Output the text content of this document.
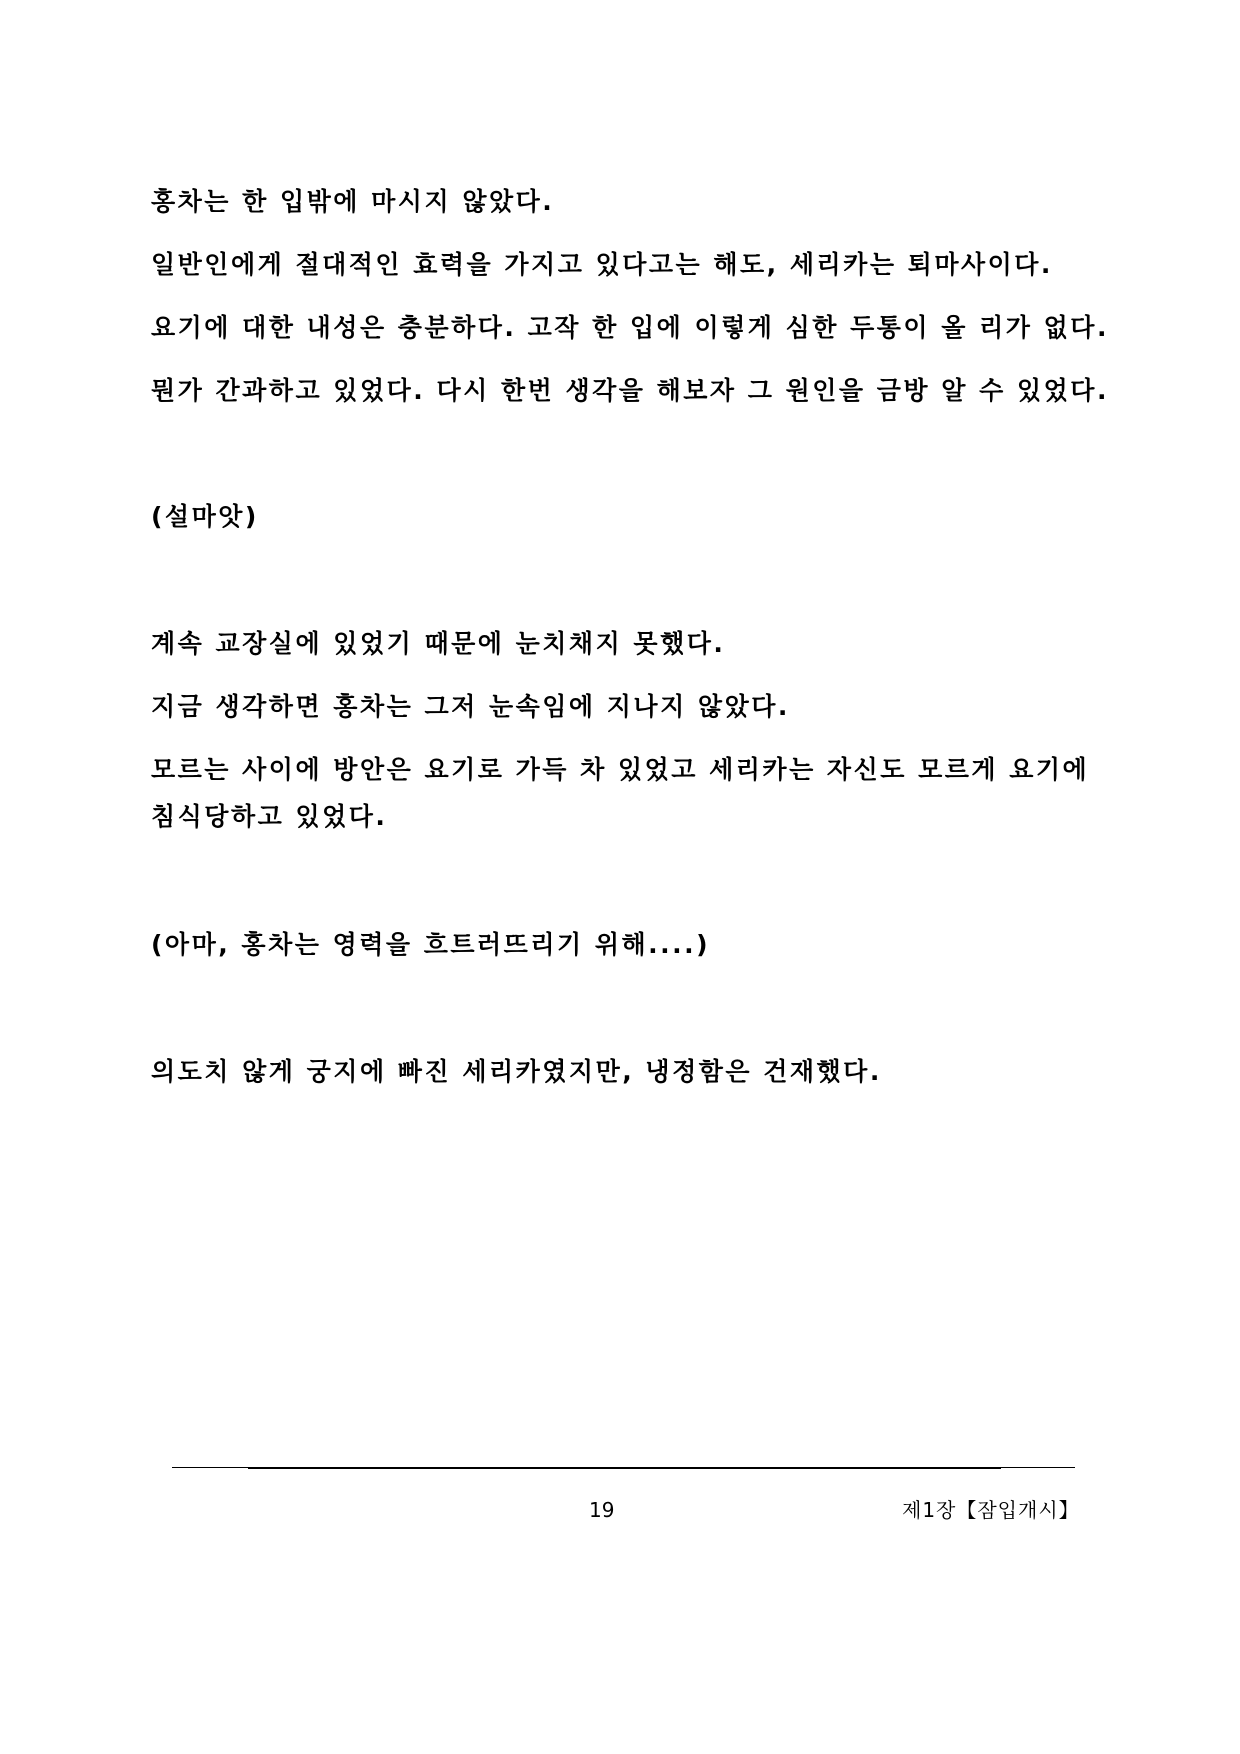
홍차는 한 입밖에 마시지 않았다.
일반인에게 절대적인 효력을 가지고 있다고는 해도, 세리카는 퇴마사이다.
요기에 대한 내성은 충분하다. 고작 한 입에 이렇게 심한 두통이 올 리가 없다.
뭔가 간과하고 있었다. 다시 한번 생각을 해보자 그 원인을 금방 알 수 있었다.
(설마앗)
계속 교장실에 있었기 때문에 눈치채지 못했다.
지금 생각하면 홍차는 그저 눈속임에 지나지 않았다.
모르는 사이에 방안은 요기로 가득 차 있었고 세리카는 자신도 모르게 요기에
침식당하고 있었다.
(아마, 홍차는 영력을 흐트러뜨리기 위해....)
의도치 않게 궁지에 빠진 세리카였지만, 냉정함은 건재했다.
19	제1장【잠입개시】
